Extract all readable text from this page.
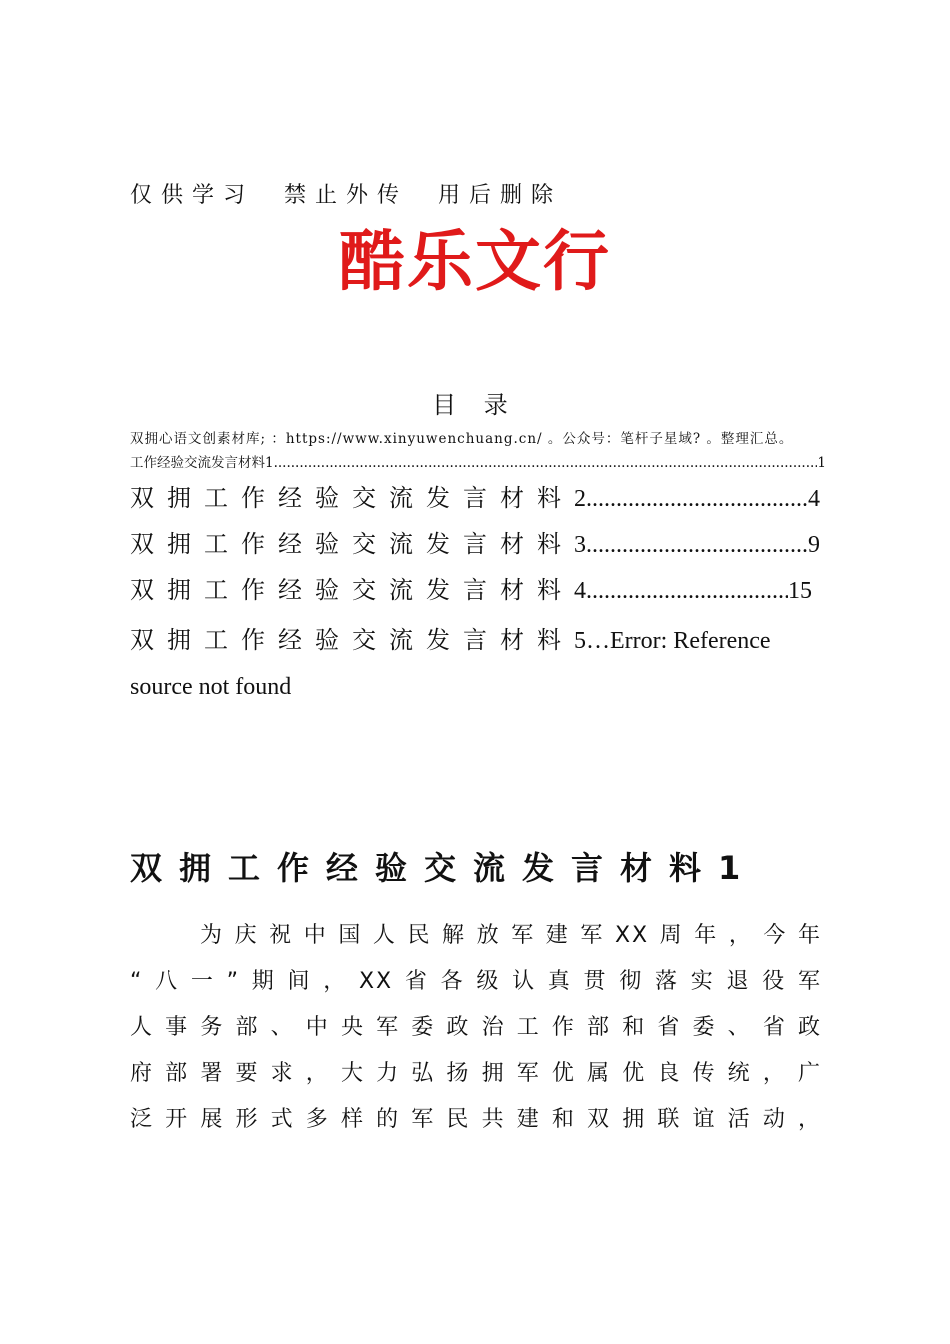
仅供学习 禁止外传 用后删除
酷乐文行
目 录
双拥心语文创素材库; ：https://www.xinyuwenchuang.cn/ 。公众号：笔杆子星域? 。整理汇总。
工作经验交流发言材料1 .....	1
双拥工作经验交流发言材料 2 .....	4
双拥工作经验交流发言材料 3 .....	9
双拥工作经验交流发言材料 4 .....	15
双拥工作经验交流发言材料5…Error: Reference source not found
双拥工作经验交流发言材料1
为庆祝中国人民解放军建军XX周年，今年
“八一”期间，XX省各级认真贯彻落实退役军
人事务部、中央军委政治工作部和省委、省政
府部署要求，大力弘扬拥军优属优良传统，广
泛开展形式多样的军民共建和双拥联谊活动，
